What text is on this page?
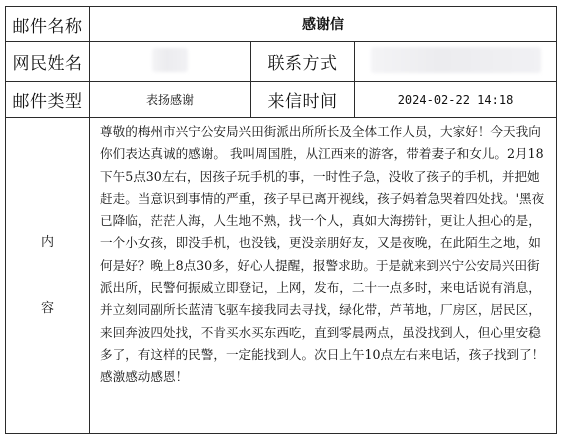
邮件名称	感谢信		
网民姓名		联系方式	
邮件类型	表扬感谢	来信时间	2024-02-22 14:18

内
容	尊敬的梅州市兴宁公安局兴田街派出所所长及全体工作人员，大家好！今天我向你们表达真诚的感谢。 我叫周国胜，从江西来的游客，带着妻子和女儿。2月18下午5点30左右，因孩子玩手机的事，一时性子急，没收了孩子的手机，并把她赶走。当意识到事情的严重，孩子早已离开视线，孩子妈着急哭着四处找。'黑夜已降临，茫茫人海，人生地不熟，找一个人，真如大海捞针，更让人担心的是，一个小女孩，即没手机，也没钱，更没亲朋好友，又是夜晚，在此陌生之地，如何是好？晚上8点30多，好心人提醒，报警求助。于是就来到兴宁公安局兴田街派出所，民警何振威立即登记，上网，发布，二十一点多时，来电话说有消息，并立刻同副所长蓝清飞驱车接我同去寻找，绿化带，芦苇地，厂房区，居民区，来回奔波四处找，不肯买水买东西吃，直到零晨两点，虽没找到人，但心里安稳多了，有这样的民警，一定能找到人。次日上午10点左右来电话，孩子找到了！ 感激感动感恩！		
